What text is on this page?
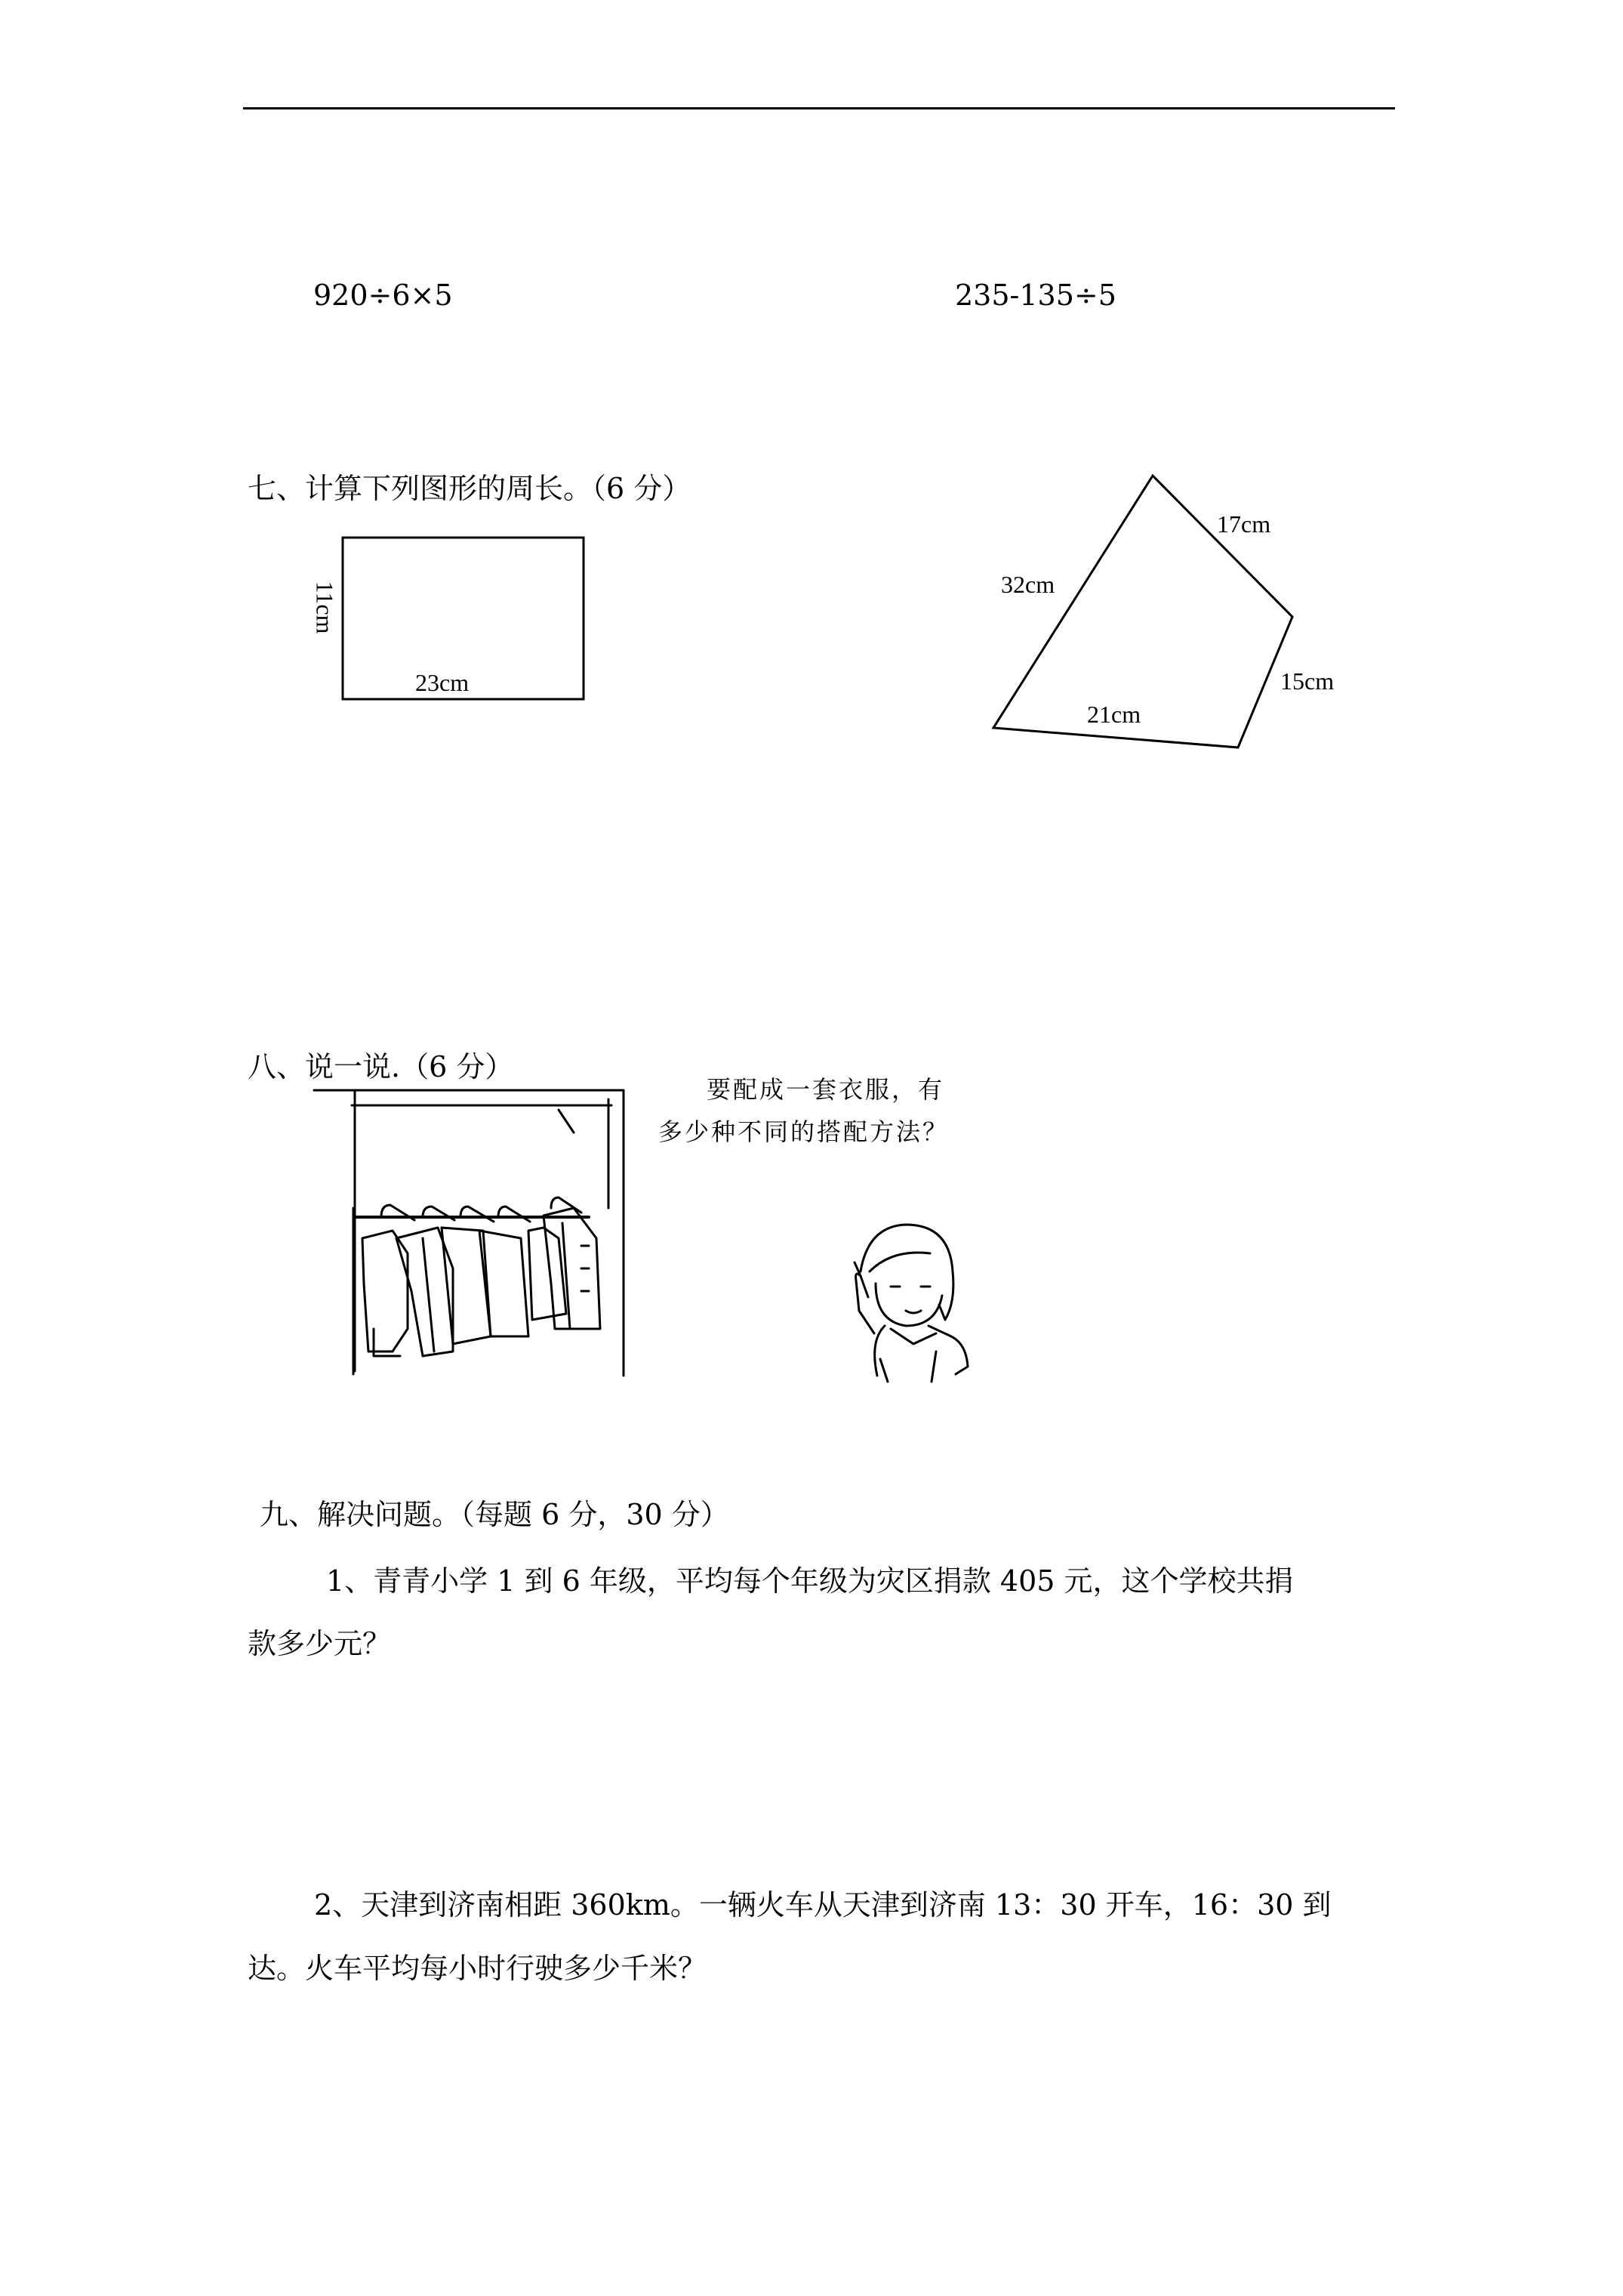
920÷6×5	235-135÷5
七、计算下列图形的周长。（6 分）
11cm
23cm
17cm
32cm
15cm
21cm
八、说一说.（6 分）
要配成一套衣服，有
多少种不同的搭配方法？
九、解决问题。（每题 6 分，30 分）
1、青青小学 1 到 6 年级，平均每个年级为灾区捐款 405 元，这个学校共捐
款多少元？
2、天津到济南相距 360km。一辆火车从天津到济南 13：30 开车，16：30 到
达。火车平均每小时行驶多少千米？
